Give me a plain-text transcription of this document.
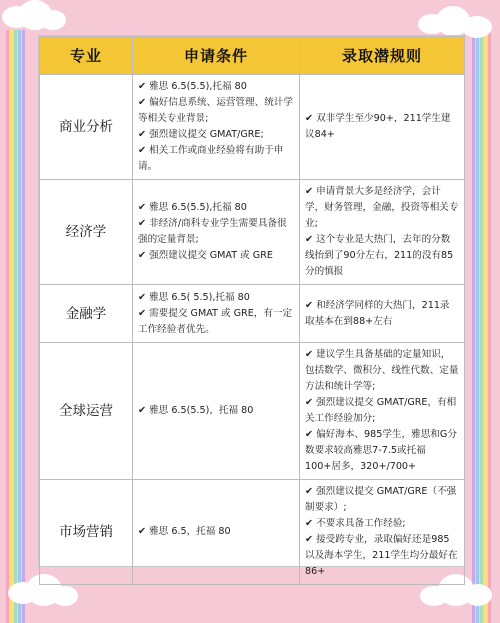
专业	申请条件	录取潜规则
商业分析	✔ 雅思 6.5(5.5),托福 80
✔ 偏好信息系统、运营管理、统计学等相关专业背景;
✔ 强烈建议提交 GMAT/GRE;
✔ 相关工作或商业经验将有助于申请。	✔ 双非学生至少90+，211学生建议84+

经济学	✔ 雅思 6.5(5.5),托福 80
✔ 非经济/商科专业学生需要具备很强的定量背景;
✔ 强烈建议提交 GMAT 或 GRE	✔ 申请背景大多是经济学，会计学，财务管理，金融，投资等相关专业;
✔ 这个专业是大热门，去年的分数线抬到了90分左右，211的没有85分的慎报

金融学	✔ 雅思 6.5( 5.5),托福 80
✔ 需要提交 GMAT 或 GRE，有一定工作经验者优先。	✔ 和经济学同样的大热门，211录取基本在到88+左右

全球运营	✔ 雅思 6.5(5.5)，托福 80	✔ 建议学生具备基础的定量知识，包括数学、微积分、线性代数、定量方法和统计学等;
✔ 强烈建议提交 GMAT/GRE，有相关工作经验加分;
✔ 偏好海本、985学生，雅思和G分数要求较高雅思7-7.5或托福100+居多，320+/700+

市场营销	✔ 雅思 6.5，托福 80	✔ 强烈建议提交 GMAT/GRE（不强制要求）;
✔ 不要求具备工作经验;
✔ 接受跨专业，录取偏好还是985以及海本学生，211学生均分最好在86+
